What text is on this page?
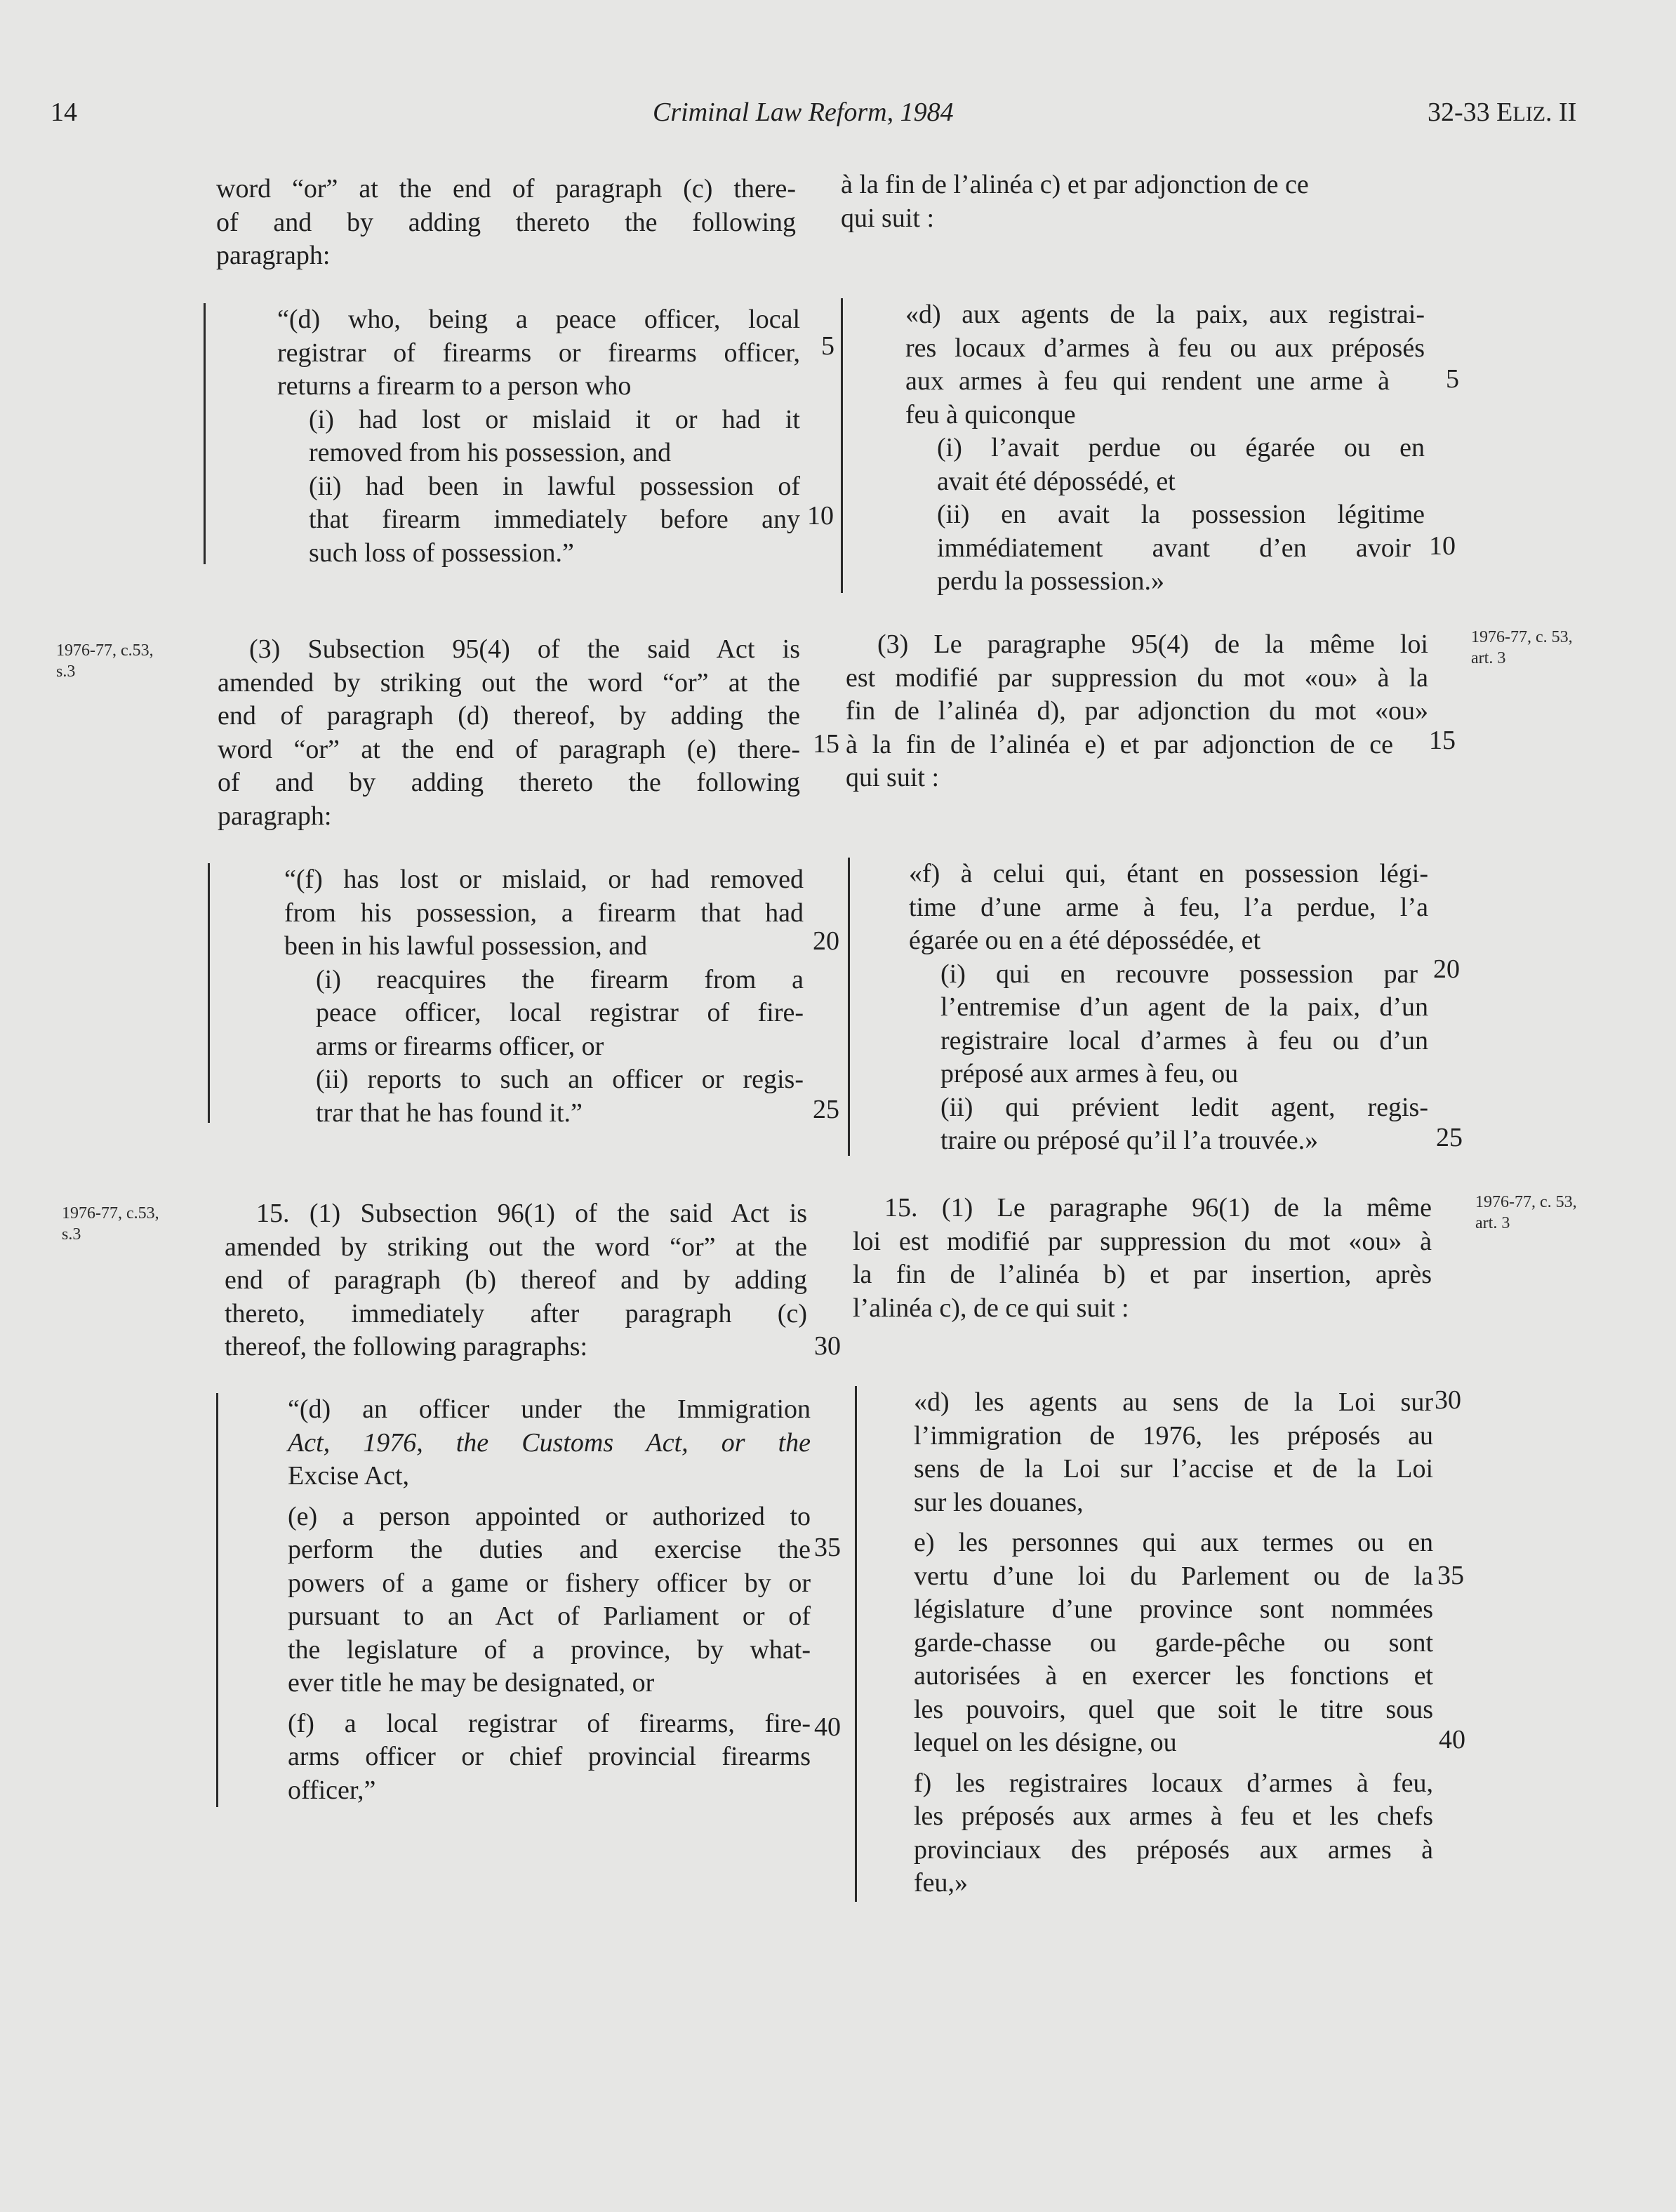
14	Criminal Law Reform, 1984	32-33 ELIZ. II
word “or” at the end of paragraph (c) there-
of and by adding thereto the following
paragraph:
“(d) who, being a peace officer, local
registrar of firearms or firearms officer,
returns a firearm to a person who
(i) had lost or mislaid it or had it
removed from his possession, and
(ii) had been in lawful possession of
that firearm immediately before any
such loss of possession.”
1976-77, c.53,
s.3
(3) Subsection 95(4) of the said Act is
amended by striking out the word “or” at the
end of paragraph (d) thereof, by adding the
word “or” at the end of paragraph (e) there-
of and by adding thereto the following
paragraph:
“(f) has lost or mislaid, or had removed
from his possession, a firearm that had
been in his lawful possession, and
(i) reacquires the firearm from a
peace officer, local registrar of fire-
arms or firearms officer, or
(ii) reports to such an officer or regis-
trar that he has found it.”
1976-77, c.53,
s.3
15. (1) Subsection 96(1) of the said Act is
amended by striking out the word “or” at the
end of paragraph (b) thereof and by adding
thereto, immediately after paragraph (c)
thereof, the following paragraphs:
“(d) an officer under the Immigration
Act, 1976, the Customs Act, or the
Excise Act,
(e) a person appointed or authorized to
perform the duties and exercise the
powers of a game or fishery officer by or
pursuant to an Act of Parliament or of
the legislature of a province, by what-
ever title he may be designated, or
(f) a local registrar of firearms, fire-
arms officer or chief provincial firearms
officer,”
5
10
15
20
25
30
35
40
à la fin de l’alinéa c) et par adjonction de ce
qui suit :
«d) aux agents de la paix, aux registrai-
res locaux d’armes à feu ou aux préposés
aux armes à feu qui rendent une arme à
feu à quiconque
(i) l’avait perdue ou égarée ou en
avait été dépossédé, et
(ii) en avait la possession légitime
immédiatement avant d’en avoir
perdu la possession.»
5
10
(3) Le paragraphe 95(4) de la même loi
est modifié par suppression du mot «ou» à la
fin de l’alinéa d), par adjonction du mot «ou»
à la fin de l’alinéa e) et par adjonction de ce
qui suit :
1976-77, c. 53,
art. 3
15
«f) à celui qui, étant en possession légi-
time d’une arme à feu, l’a perdue, l’a
égarée ou en a été dépossédée, et
(i) qui en recouvre possession par
l’entremise d’un agent de la paix, d’un
registraire local d’armes à feu ou d’un
préposé aux armes à feu, ou
(ii) qui prévient ledit agent, regis-
traire ou préposé qu’il l’a trouvée.»
20
25
15. (1) Le paragraphe 96(1) de la même
loi est modifié par suppression du mot «ou» à
la fin de l’alinéa b) et par insertion, après
l’alinéa c), de ce qui suit :
1976-77, c. 53,
art. 3
«d) les agents au sens de la Loi sur
l’immigration de 1976, les préposés au
sens de la Loi sur l’accise et de la Loi
sur les douanes,
e) les personnes qui aux termes ou en
vertu d’une loi du Parlement ou de la
législature d’une province sont nommées
garde-chasse ou garde-pêche ou sont
autorisées à en exercer les fonctions et
les pouvoirs, quel que soit le titre sous
lequel on les désigne, ou
f) les registraires locaux d’armes à feu,
les préposés aux armes à feu et les chefs
provinciaux des préposés aux armes à
feu,»
30
35
40
